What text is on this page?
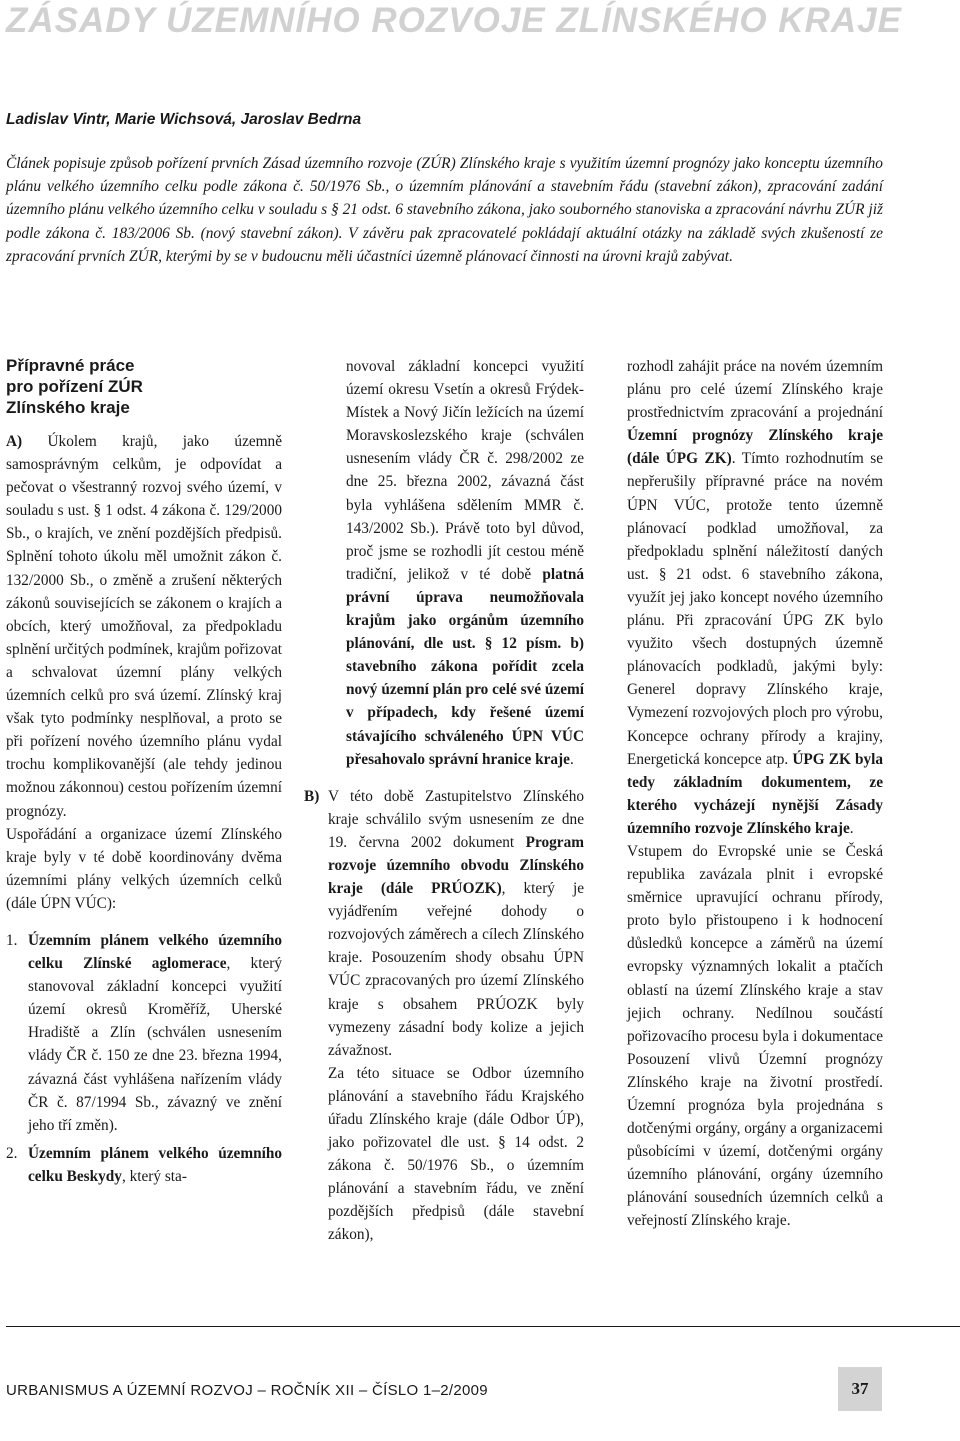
ZÁSADY ÚZEMNÍHO ROZVOJE ZLÍNSKÉHO KRAJE

Ladislav Vintr, Marie Wichsová, Jaroslav Bedrna

Článek popisuje způsob pořízení prvních Zásad územního rozvoje (ZÚR) Zlínského kraje s využitím územní prognózy jako konceptu územního plánu velkého územního celku podle zákona č. 50/1976 Sb., o územním plánování a stavebním řádu (stavební zákon), zpracování zadání územního plánu velkého územního celku v souladu s § 21 odst. 6 stavebního zákona, jako souborného stanoviska a zpracování návrhu ZÚR již podle zákona č. 183/2006 Sb. (nový stavební zákon). V závěru pak zpracovatelé pokládají aktuální otázky na základě svých zkušeností ze zpracování prvních ZÚR, kterými by se v budoucnu měli účastníci územně plánovací činnosti na úrovni krajů zabývat.

Přípravné práce
pro pořízení ZÚR
Zlínského kraje

A) Úkolem krajů, jako územně samosprávným celkům, je odpovídat a pečovat o všestranný rozvoj svého území, v souladu s ust. § 1 odst. 4 zákona č. 129/2000 Sb., o krajích, ve znění pozdějších předpisů. Splnění tohoto úkolu měl umožnit zákon č. 132/2000 Sb., o změně a zrušení některých zákonů souvisejících se zákonem o krajích a obcích, který umožňoval, za předpokladu splnění určitých podmínek, krajům pořizovat a schvalovat územní plány velkých územních celků pro svá území. Zlínský kraj však tyto podmínky nesplňoval, a proto se při pořízení nového územního plánu vydal trochu komplikovanější (ale tehdy jedinou možnou zákonnou) cestou pořízením územní prognózy.

Uspořádání a organizace území Zlínského kraje byly v té době koordinovány dvěma územními plány velkých územních celků (dále ÚPN VÚC):

1. Územním plánem velkého územního celku Zlínské aglomerace, který stanovoval základní koncepci využití území okresů Kroměříž, Uherské Hradiště a Zlín (schválen usnesením vlády ČR č. 150 ze dne 23. března 1994, závazná část vyhlášena nařízením vlády ČR č. 87/1994 Sb., závazný ve znění jeho tří změn).
2. Územním plánem velkého územního celku Beskydy, který sta-

novoval základní koncepci využití území okresu Vsetín a okresů Frýdek-Místek a Nový Jičín ležících na území Moravskoslezského kraje (schválen usnesením vlády ČR č. 298/2002 ze dne 25. března 2002, závazná část byla vyhlášena sdělením MMR č. 143/2002 Sb.). Právě toto byl důvod, proč jsme se rozhodli jít cestou méně tradiční, jelikož v té době platná právní úprava neumožňovala krajům jako orgánům územního plánování, dle ust. § 12 písm. b) stavebního zákona pořídit zcela nový územní plán pro celé své území v případech, kdy řešené území stávajícího schváleného ÚPN VÚC přesahovalo správní hranice kraje.

B) V této době Zastupitelstvo Zlínského kraje schválilo svým usnesením ze dne 19. června 2002 dokument Program rozvoje územního obvodu Zlínského kraje (dále PRÚOZK), který je vyjádřením veřejné dohody o rozvojových záměrech a cílech Zlínského kraje. Posouzením shody obsahu ÚPN VÚC zpracovaných pro území Zlínského kraje s obsahem PRÚOZK byly vymezeny zásadní body kolize a jejich závažnost.

Za této situace se Odbor územního plánování a stavebního řádu Krajského úřadu Zlínského kraje (dále Odbor ÚP), jako pořizovatel dle ust. § 14 odst. 2 zákona č. 50/1976 Sb., o územním plánování a stavebním řádu, ve znění pozdějších předpisů (dále stavební zákon),

rozhodl zahájit práce na novém územním plánu pro celé území Zlínského kraje prostřednictvím zpracování a projednání Územní prognózy Zlínského kraje (dále ÚPG ZK). Tímto rozhodnutím se nepřerušily přípravné práce na novém ÚPN VÚC, protože tento územně plánovací podklad umožňoval, za předpokladu splnění náležitostí daných ust. § 21 odst. 6 stavebního zákona, využít jej jako koncept nového územního plánu. Při zpracování ÚPG ZK bylo využito všech dostupných územně plánovacích podkladů, jakými byly: Generel dopravy Zlínského kraje, Vymezení rozvojových ploch pro výrobu, Koncepce ochrany přírody a krajiny, Energetická koncepce atp. ÚPG ZK byla tedy základním dokumentem, ze kterého vycházejí nynější Zásady územního rozvoje Zlínského kraje.

Vstupem do Evropské unie se Česká republika zavázala plnit i evropské směrnice upravující ochranu přírody, proto bylo přistoupeno i k hodnocení důsledků koncepce a záměrů na území evropsky významných lokalit a ptačích oblastí na území Zlínského kraje a stav jejich ochrany. Nedílnou součástí pořizovacího procesu byla i dokumentace Posouzení vlivů Územní prognózy Zlínského kraje na životní prostředí. Územní prognóza byla projednána s dotčenými orgány, orgány a organizacemi působícími v území, dotčenými orgány územního plánování, orgány územního plánování sousedních územních celků a veřejností Zlínského kraje.

URBANISMUS A ÚZEMNÍ ROZVOJ – ROČNÍK XII – ČÍSLO 1–2/2009	37
